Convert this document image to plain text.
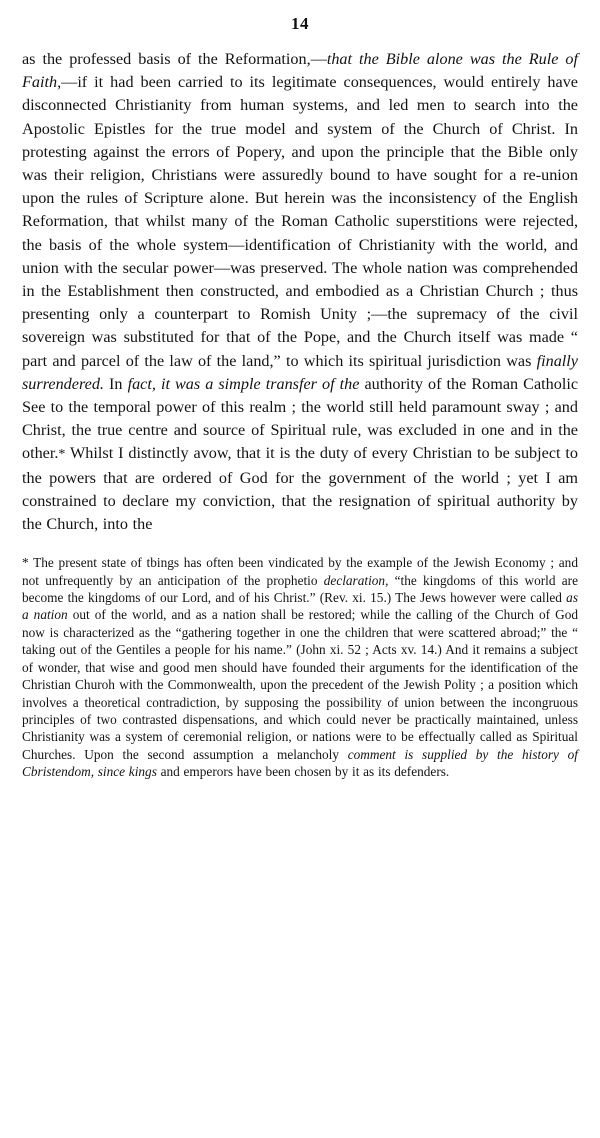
14

as the professed basis of the Reformation,—that the Bible alone was the Rule of Faith,—if it had been carried to its legitimate consequences, would entirely have disconnected Christianity from human systems, and led men to search into the Apostolic Epistles for the true model and system of the Church of Christ. In protesting against the errors of Popery, and upon the principle that the Bible only was their religion, Christians were assuredly bound to have sought for a re-union upon the rules of Scripture alone. But herein was the inconsistency of the English Reformation, that whilst many of the Roman Catholic superstitions were rejected, the basis of the whole system—identification of Christianity with the world, and union with the secular power—was preserved. The whole nation was comprehended in the Establishment then constructed, and embodied as a Christian Church ; thus presenting only a counterpart to Romish Unity ;—the supremacy of the civil sovereign was substituted for that of the Pope, and the Church itself was made “ part and parcel of the law of the land,” to which its spiritual jurisdiction was finally surrendered. In fact, it was a simple transfer of the authority of the Roman Catholic See to the temporal power of this realm ; the world still held paramount sway ; and Christ, the true centre and source of Spiritual rule, was excluded in one and in the other.* Whilst I distinctly avow, that it is the duty of every Christian to be subject to the powers that are ordered of God for the government of the world ; yet I am constrained to declare my conviction, that the resignation of spiritual authority by the Church, into the

* The present state of tbings has often been vindicated by the example of the Jewish Economy ; and not unfrequently by an anticipation of the prophetio declaration, “the kingdoms of this world are become the kingdoms of our Lord, and of his Christ.” (Rev. xi. 15.) The Jews however were called as a nation out of the world, and as a nation shall be restored; while the calling of the Church of God now is characterized as the “gathering together in one the children that were scattered abroad;” the “ taking out of the Gentiles a people for his name.” (John xi. 52 ; Acts xv. 14.) And it remains a subject of wonder, that wise and good men should have founded their arguments for the identification of the Christian Churoh with the Commonwealth, upon the precedent of the Jewish Polity ; a position which involves a theoretical contradiction, by supposing the possibility of union between the incongruous principles of two contrasted dispensations, and which could never be practically maintained, unless Christianity was a system of ceremonial religion, or nations were to be effectually called as Spiritual Churches. Upon the second assumption a melancholy comment is supplied by the history of Cbristendom, since kings and emperors have been chosen by it as its defenders.
